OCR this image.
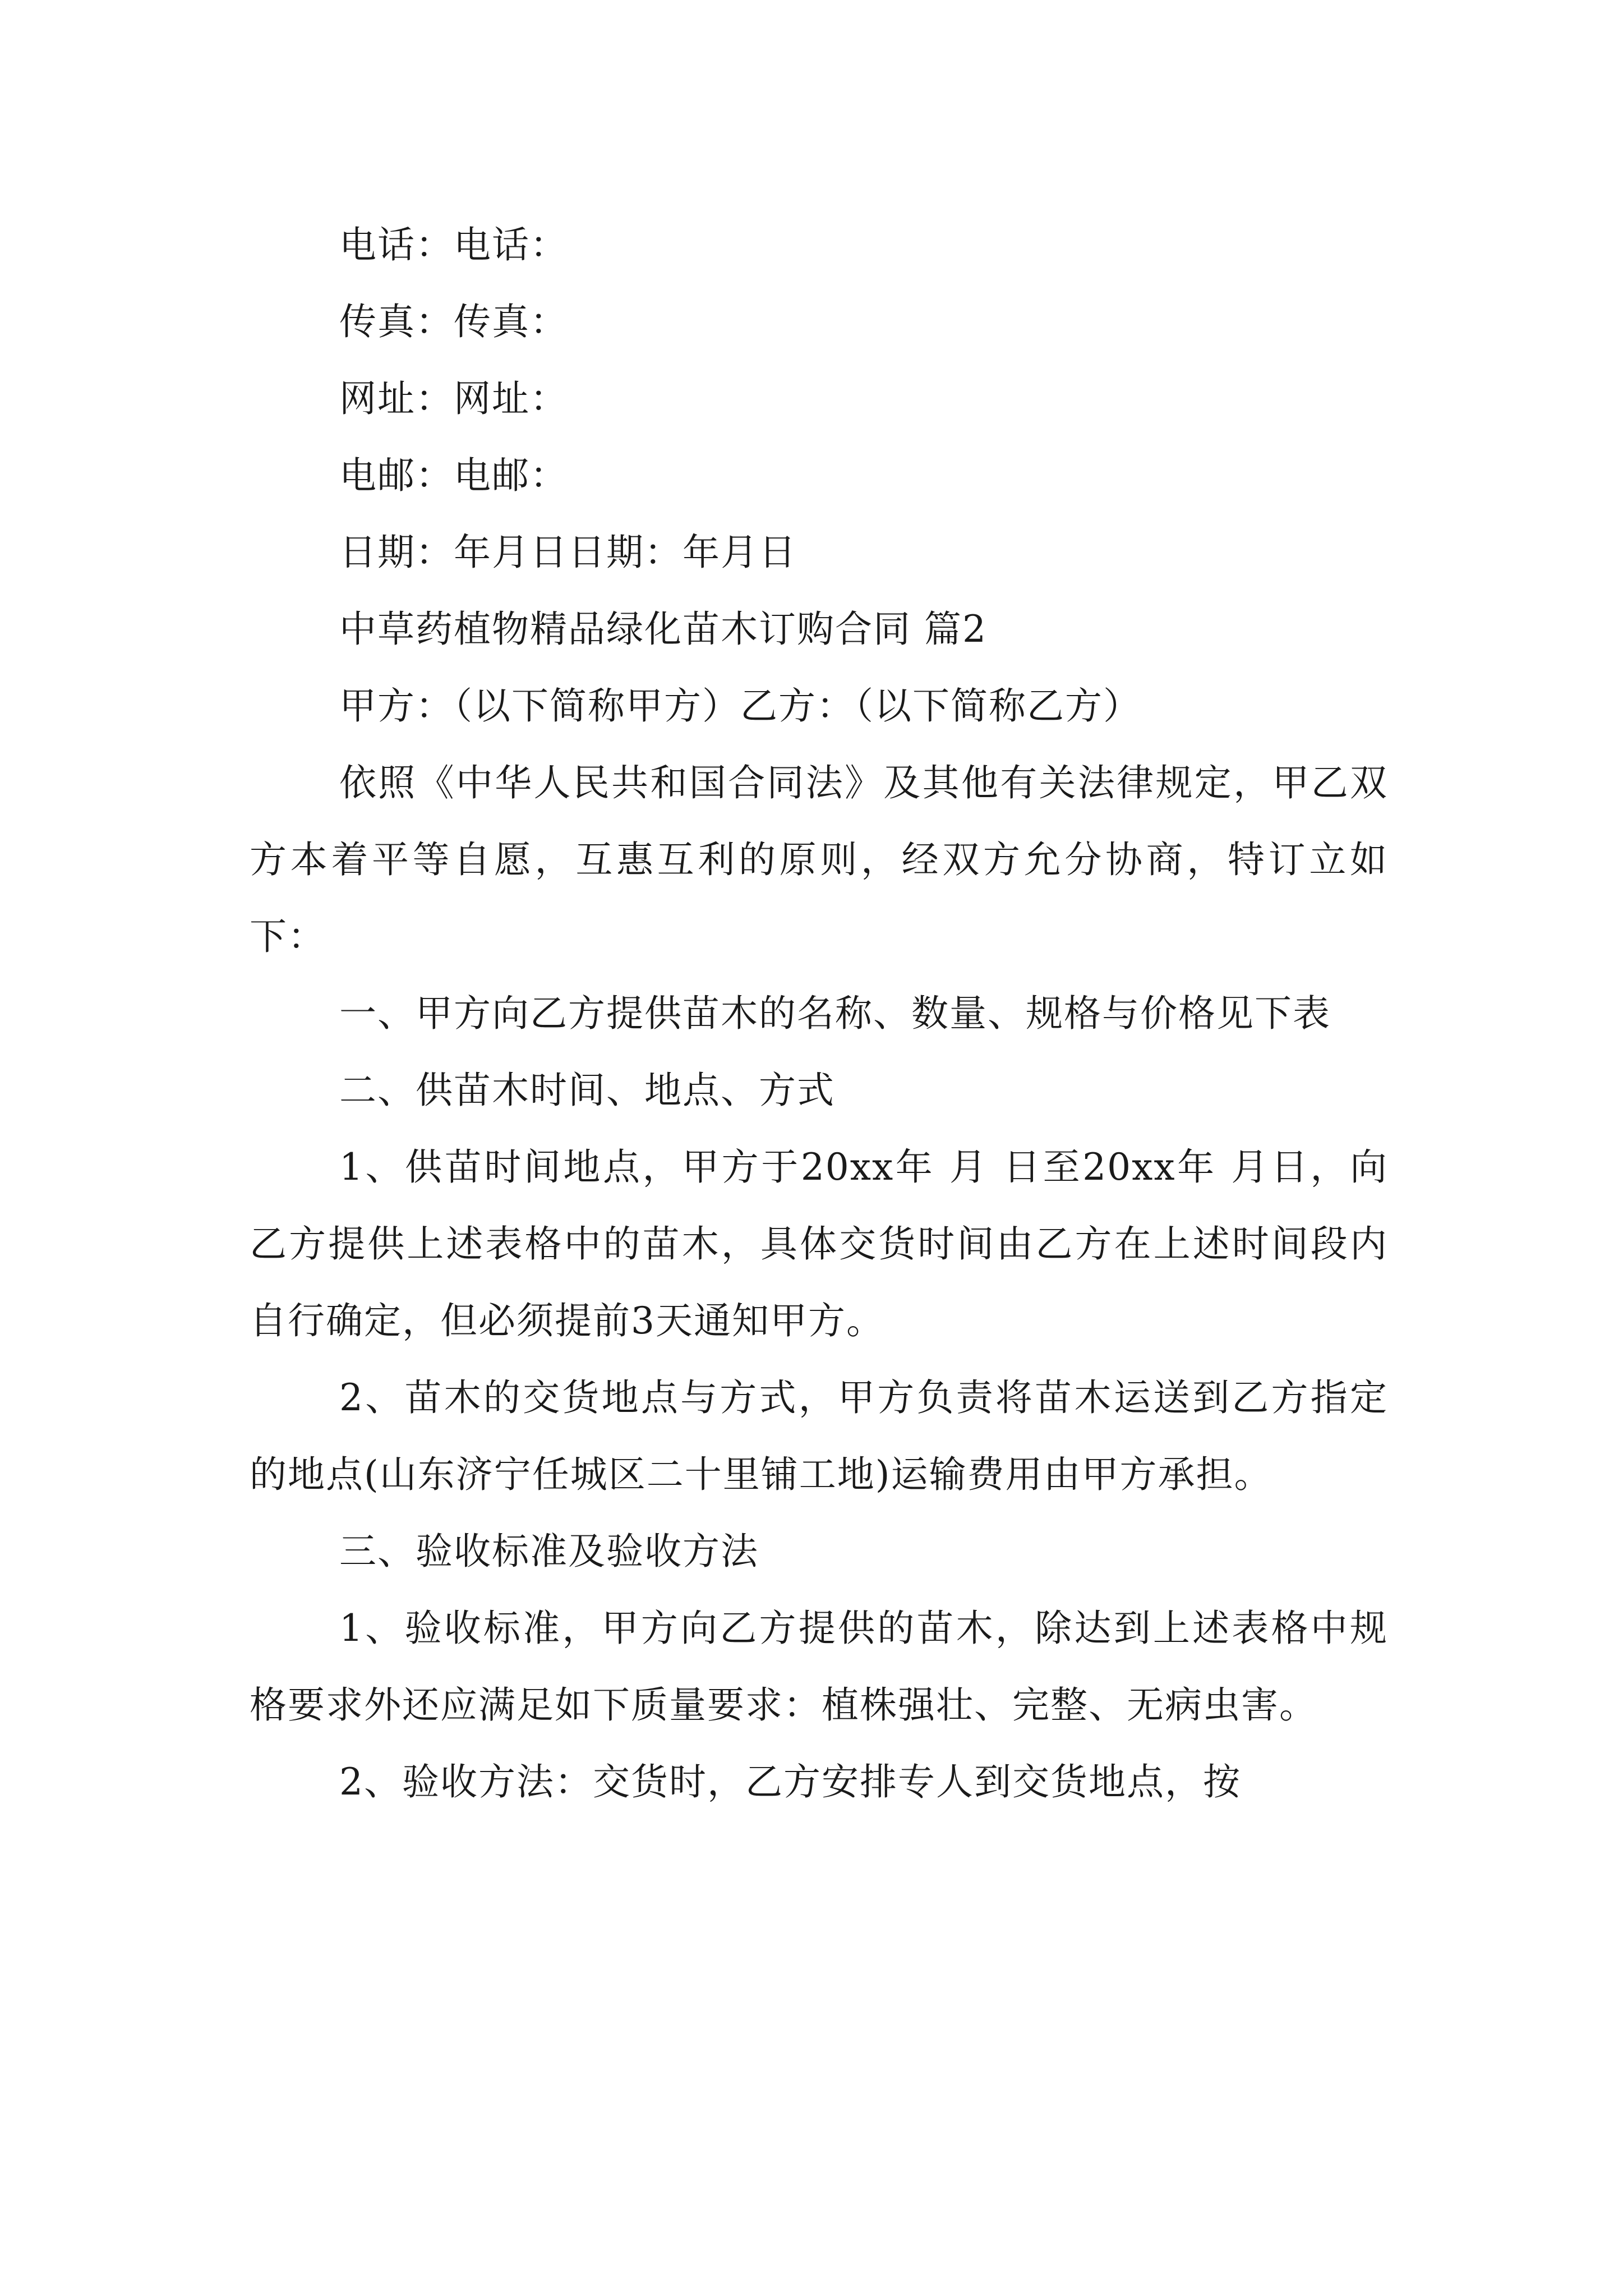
电话：电话：

传真：传真：

网址：网址：

电邮：电邮：

日期：年月日日期：年月日

中草药植物精品绿化苗木订购合同 篇2

甲方：（以下简称甲方）乙方：（以下简称乙方）

依照《中华人民共和国合同法》及其他有关法律规定，甲乙双方本着平等自愿，互惠互利的原则，经双方允分协商，特订立如下：

一、甲方向乙方提供苗木的名称、数量、规格与价格见下表

二、供苗木时间、地点、方式

1、供苗时间地点，甲方于20xx年 月 日至20xx年 月日，向乙方提供上述表格中的苗木，具体交货时间由乙方在上述时间段内自行确定，但必须提前3天通知甲方。

2、苗木的交货地点与方式，甲方负责将苗木运送到乙方指定的地点(山东济宁任城区二十里铺工地)运输费用由甲方承担。

三、验收标准及验收方法

1、验收标准，甲方向乙方提供的苗木，除达到上述表格中规格要求外还应满足如下质量要求：植株强壮、完整、无病虫害。

2、验收方法：交货时，乙方安排专人到交货地点，按
